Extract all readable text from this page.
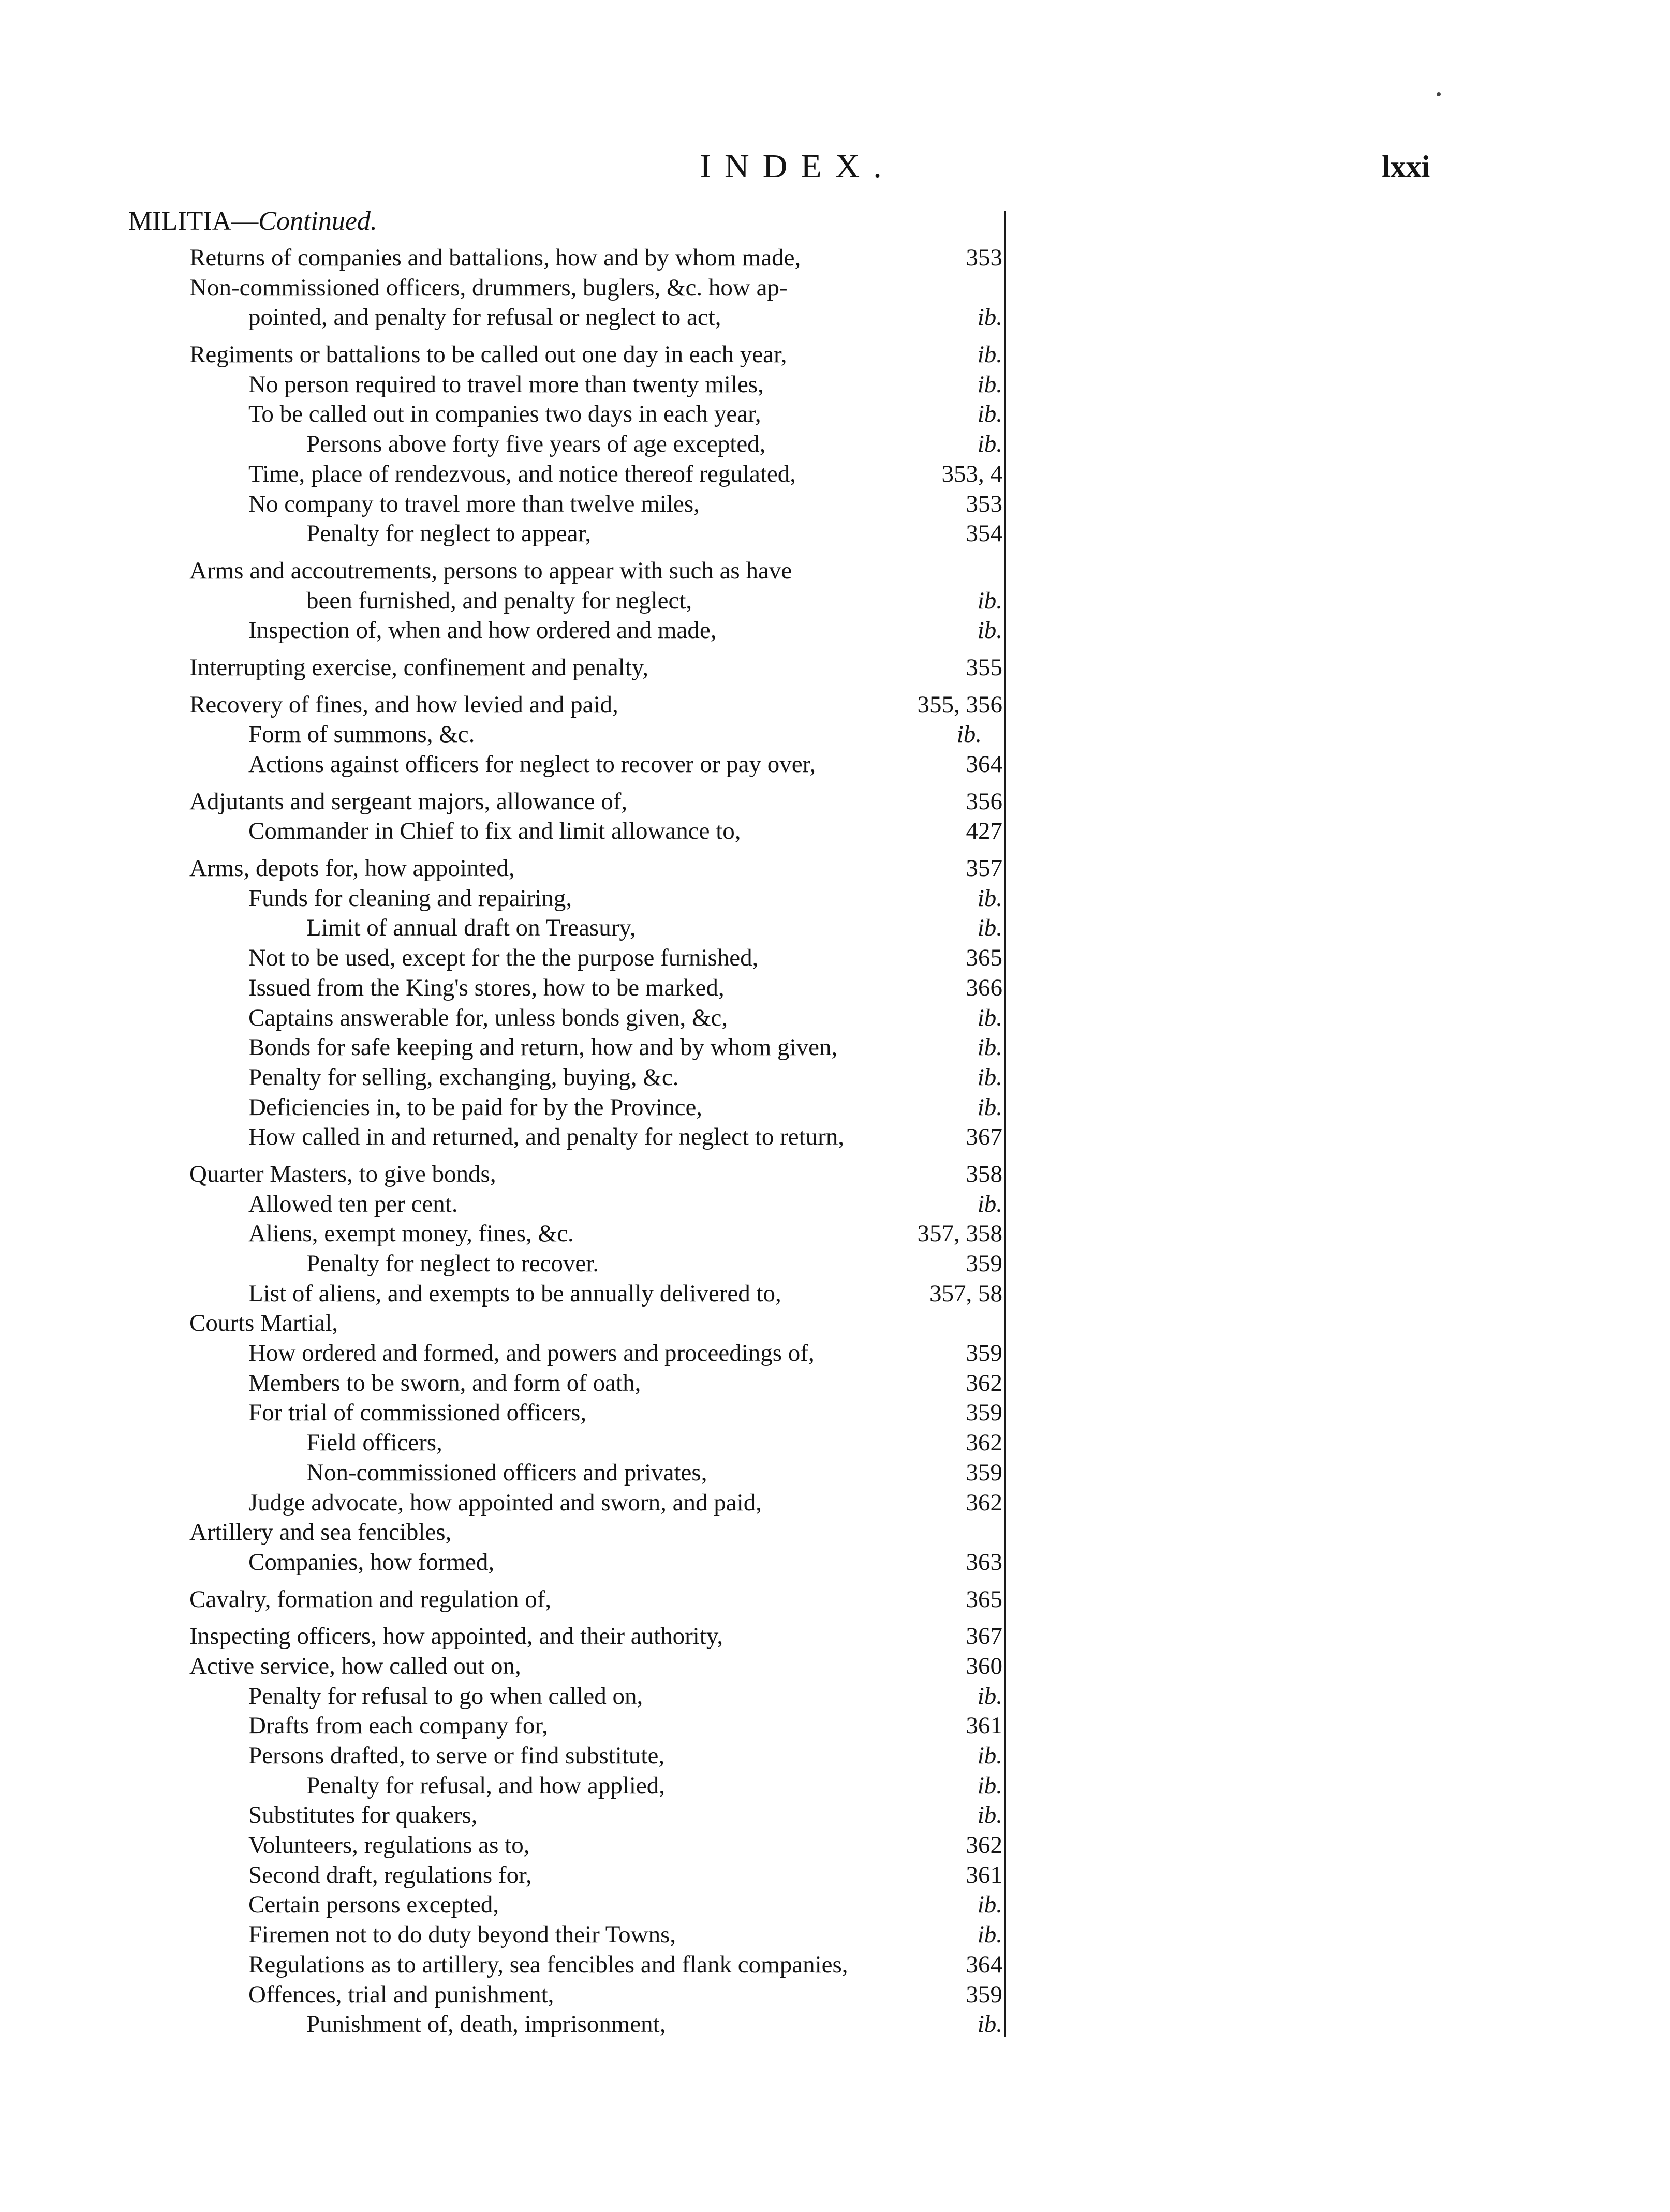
INDEX.	lxxi
MILITIA—Continued.
Returns of companies and battalions, how and by whom made,	353
Non-commissioned officers, drummers, buglers, &c. how ap-
pointed, and penalty for refusal or neglect to act,	ib.
Regiments or battalions to be called out one day in each year,	ib.
No person required to travel more than twenty miles,	ib.
To be called out in companies two days in each year,	ib.
Persons above forty five years of age excepted,	ib.
Time, place of rendezvous, and notice thereof regulated,	353, 4
No company to travel more than twelve miles,	353
Penalty for neglect to appear,	354
Arms and accoutrements, persons to appear with such as have
been furnished, and penalty for neglect,	ib.
Inspection of, when and how ordered and made,	ib.
Interrupting exercise, confinement and penalty,	355
Recovery of fines, and how levied and paid,	355, 356
Form of summons, &c.	ib.
Actions against officers for neglect to recover or pay over,	364
Adjutants and sergeant majors, allowance of,	356
Commander in Chief to fix and limit allowance to,	427
Arms, depots for, how appointed,	357
Funds for cleaning and repairing,	ib.
Limit of annual draft on Treasury,	ib.
Not to be used, except for the the purpose furnished,	365
Issued from the King's stores, how to be marked,	366
Captains answerable for, unless bonds given, &c,	ib.
Bonds for safe keeping and return, how and by whom given,	ib.
Penalty for selling, exchanging, buying, &c.	ib.
Deficiencies in, to be paid for by the Province,	ib.
How called in and returned, and penalty for neglect to return,	367
Quarter Masters, to give bonds,	358
Allowed ten per cent.	ib.
Aliens, exempt money, fines, &c.	357, 358
Penalty for neglect to recover.	359
List of aliens, and exempts to be annually delivered to,	357, 58
Courts Martial,
How ordered and formed, and powers and proceedings of,	359
Members to be sworn, and form of oath,	362
For trial of commissioned officers,	359
Field officers,	362
Non-commissioned officers and privates,	359
Judge advocate, how appointed and sworn, and paid,	362
Artillery and sea fencibles,
Companies, how formed,	363
Cavalry, formation and regulation of,	365
Inspecting officers, how appointed, and their authority,	367
Active service, how called out on,	360
Penalty for refusal to go when called on,	ib.
Drafts from each company for,	361
Persons drafted, to serve or find substitute,	ib.
Penalty for refusal, and how applied,	ib.
Substitutes for quakers,	ib.
Volunteers, regulations as to,	362
Second draft, regulations for,	361
Certain persons excepted,	ib.
Firemen not to do duty beyond their Towns,	ib.
Regulations as to artillery, sea fencibles and flank companies,	364
Offences, trial and punishment,	359
Punishment of, death, imprisonment,	ib.
